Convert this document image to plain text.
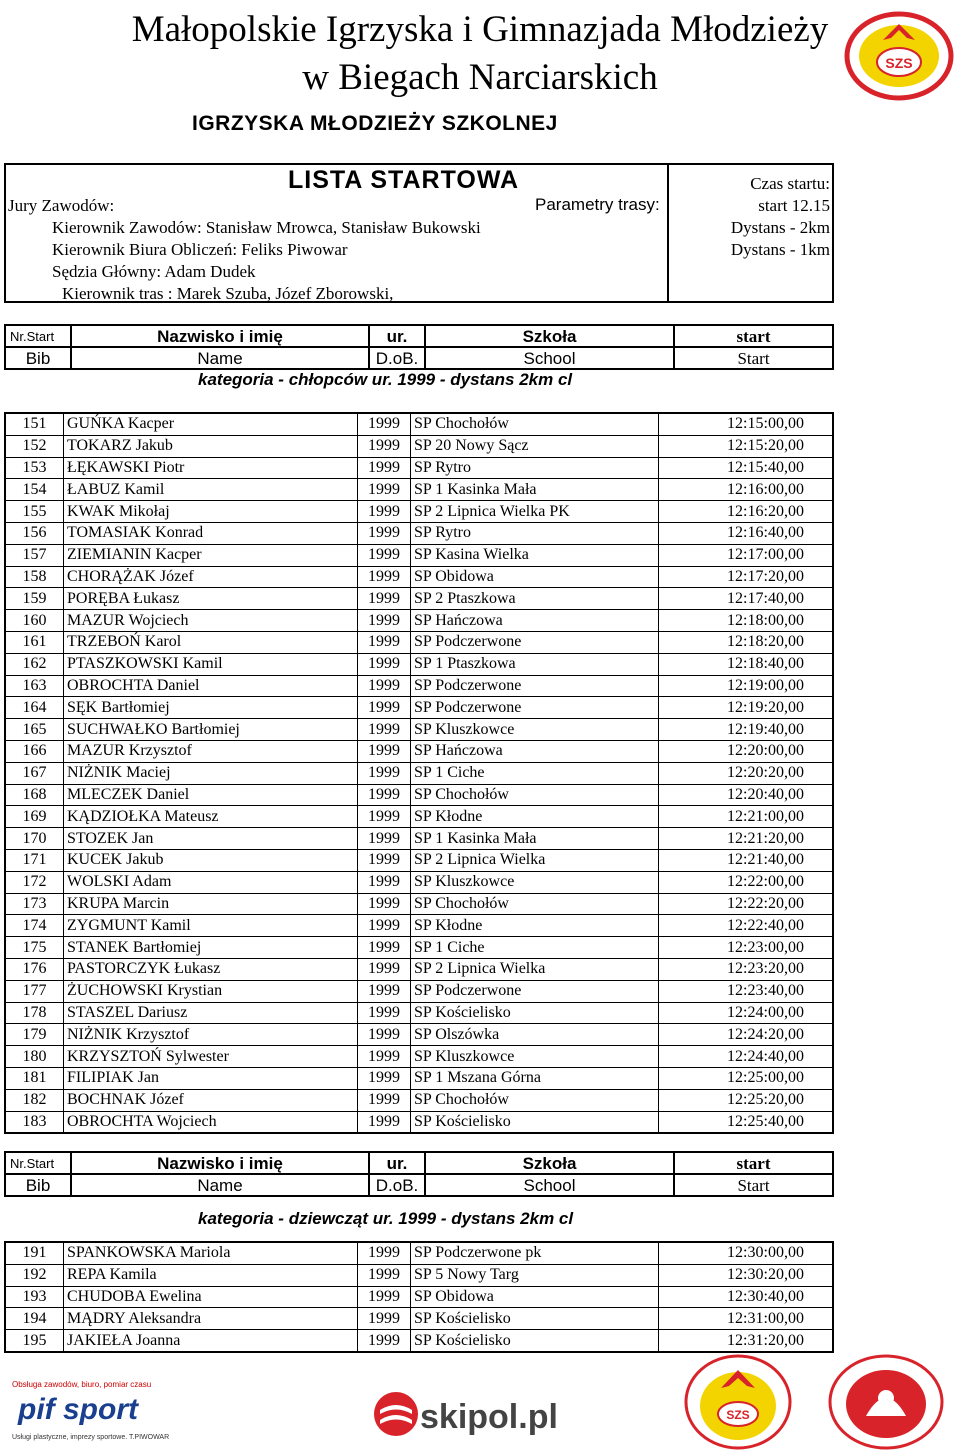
Małopolskie Igrzyska i Gimnazjada Młodzieży
w Biegach Narciarskich
IGRZYSKA MŁODZIEŻY SZKOLNEJ
SZS
LISTA STARTOWA
Jury Zawodów:
Kierownik Zawodów: Stanisław Mrowca, Stanisław Bukowski
Kierownik Biura Obliczeń: Feliks Piwowar
Sędzia Główny: Adam Dudek
Kierownik tras : Marek Szuba, Józef Zborowski,
Parametry trasy:
Czas startu:
start 12.15
Dystans - 2km
Dystans - 1km
Nr.Start	Nazwisko i imię	ur.	Szkoła	start
Bib	Name	D.oB.	School	Start
kategoria - chłopców ur. 1999 - dystans 2km cl
151	GUŃKA Kacper	1999	SP Chochołów	12:15:00,00
152	TOKARZ Jakub	1999	SP 20 Nowy Sącz	12:15:20,00
153	ŁĘKAWSKI Piotr	1999	SP Rytro	12:15:40,00
154	ŁABUZ Kamil	1999	SP 1 Kasinka Mała	12:16:00,00
155	KWAK Mikołaj	1999	SP 2 Lipnica Wielka PK	12:16:20,00
156	TOMASIAK Konrad	1999	SP Rytro	12:16:40,00
157	ZIEMIANIN Kacper	1999	SP Kasina Wielka	12:17:00,00
158	CHORĄŻAK Józef	1999	SP Obidowa	12:17:20,00
159	PORĘBA Łukasz	1999	SP 2 Ptaszkowa	12:17:40,00
160	MAZUR Wojciech	1999	SP Hańczowa	12:18:00,00
161	TRZEBOŃ Karol	1999	SP Podczerwone	12:18:20,00
162	PTASZKOWSKI Kamil	1999	SP 1 Ptaszkowa	12:18:40,00
163	OBROCHTA Daniel	1999	SP Podczerwone	12:19:00,00
164	SĘK Bartłomiej	1999	SP Podczerwone	12:19:20,00
165	SUCHWAŁKO Bartłomiej	1999	SP Kluszkowce	12:19:40,00
166	MAZUR Krzysztof	1999	SP Hańczowa	12:20:00,00
167	NIŻNIK Maciej	1999	SP 1 Ciche	12:20:20,00
168	MLECZEK Daniel	1999	SP Chochołów	12:20:40,00
169	KĄDZIOŁKA Mateusz	1999	SP Kłodne	12:21:00,00
170	STOZEK Jan	1999	SP 1 Kasinka Mała	12:21:20,00
171	KUCEK Jakub	1999	SP 2 Lipnica Wielka	12:21:40,00
172	WOLSKI Adam	1999	SP Kluszkowce	12:22:00,00
173	KRUPA Marcin	1999	SP Chochołów	12:22:20,00
174	ZYGMUNT Kamil	1999	SP Kłodne	12:22:40,00
175	STANEK Bartłomiej	1999	SP 1 Ciche	12:23:00,00
176	PASTORCZYK Łukasz	1999	SP 2 Lipnica Wielka	12:23:20,00
177	ŻUCHOWSKI Krystian	1999	SP Podczerwone	12:23:40,00
178	STASZEL Dariusz	1999	SP Kościelisko	12:24:00,00
179	NIŻNIK Krzysztof	1999	SP Olszówka	12:24:20,00
180	KRZYSZTOŃ Sylwester	1999	SP Kluszkowce	12:24:40,00
181	FILIPIAK Jan	1999	SP 1 Mszana Górna	12:25:00,00
182	BOCHNAK Józef	1999	SP Chochołów	12:25:20,00
183	OBROCHTA Wojciech	1999	SP Kościelisko	12:25:40,00
Nr.Start	Nazwisko i imię	ur.	Szkoła	start
Bib	Name	D.oB.	School	Start
kategoria - dziewcząt ur. 1999 - dystans 2km cl
191	SPANKOWSKA Mariola	1999	SP Podczerwone pk	12:30:00,00
192	REPA Kamila	1999	SP 5 Nowy Targ	12:30:20,00
193	CHUDOBA Ewelina	1999	SP Obidowa	12:30:40,00
194	MĄDRY Aleksandra	1999	SP Kościelisko	12:31:00,00
195	JAKIEŁA Joanna	1999	SP Kościelisko	12:31:20,00
Obsługa zawodów, biuro, pomiar czasu
pif sport
Usługi plastyczne, imprezy sportowe. T.PIWOWAR
skipol.pl	SZS
